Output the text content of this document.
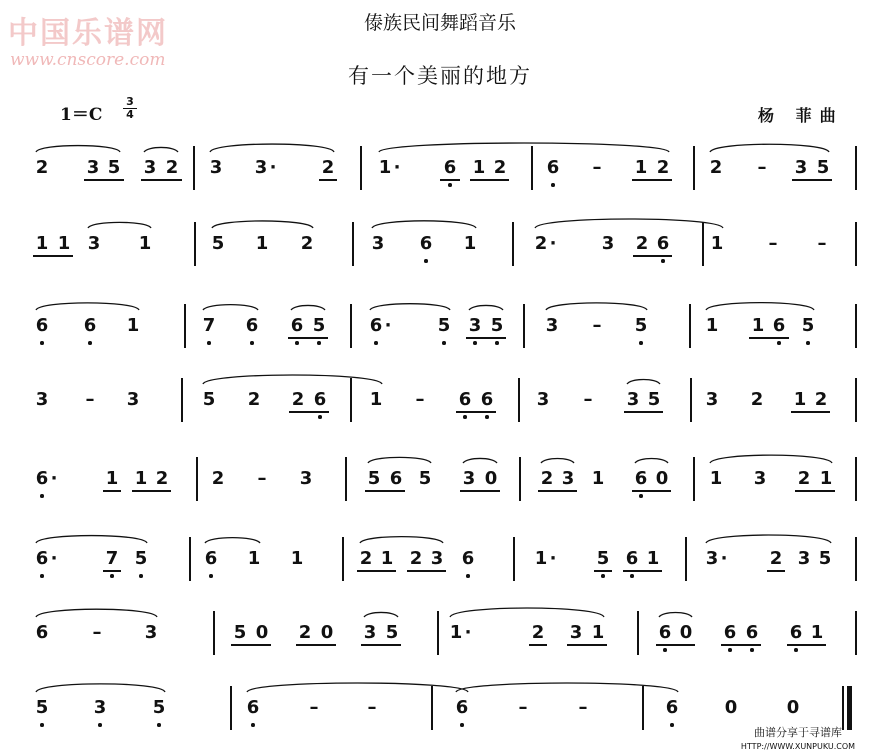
中国乐谱网
www.cnscore.com
傣族民间舞蹈音乐
有一个美丽的地方
$1=C \frac{3}{4}$	杨 菲曲
2 3 5 3 2 3 3 ·	2 1 ·	6 1 2 6 – 1 2 2 – 3 5
1 1 3 1	5 1 2	3 6 1	2 ·	3 2 6 1	– –
6 6 1	7 6 6 5 6 ·	5 3 5 3 – 5	1 1 6 5
3 – 3	5 2 2 6 1 – 6 6 3 – 3 5	3 2 1 2
6 ·	1 1 2 2 – 3	5 6 5 3 0 2 3 1 6 0 1 3 2 1
6 ·	7 5	6 1 1	2 1 2 3 6	1 ·	5 6 1	3 ·	2 3 5
6 – 3	5 0 2 0 3 5	1 ·	2 3 1	6 0 6 6 6 1
5	3	5	6	–	–	6	–	–	6	0	0
曲谱分享于寻谱库
HTTP://WWW.XUNPUKU.COM
